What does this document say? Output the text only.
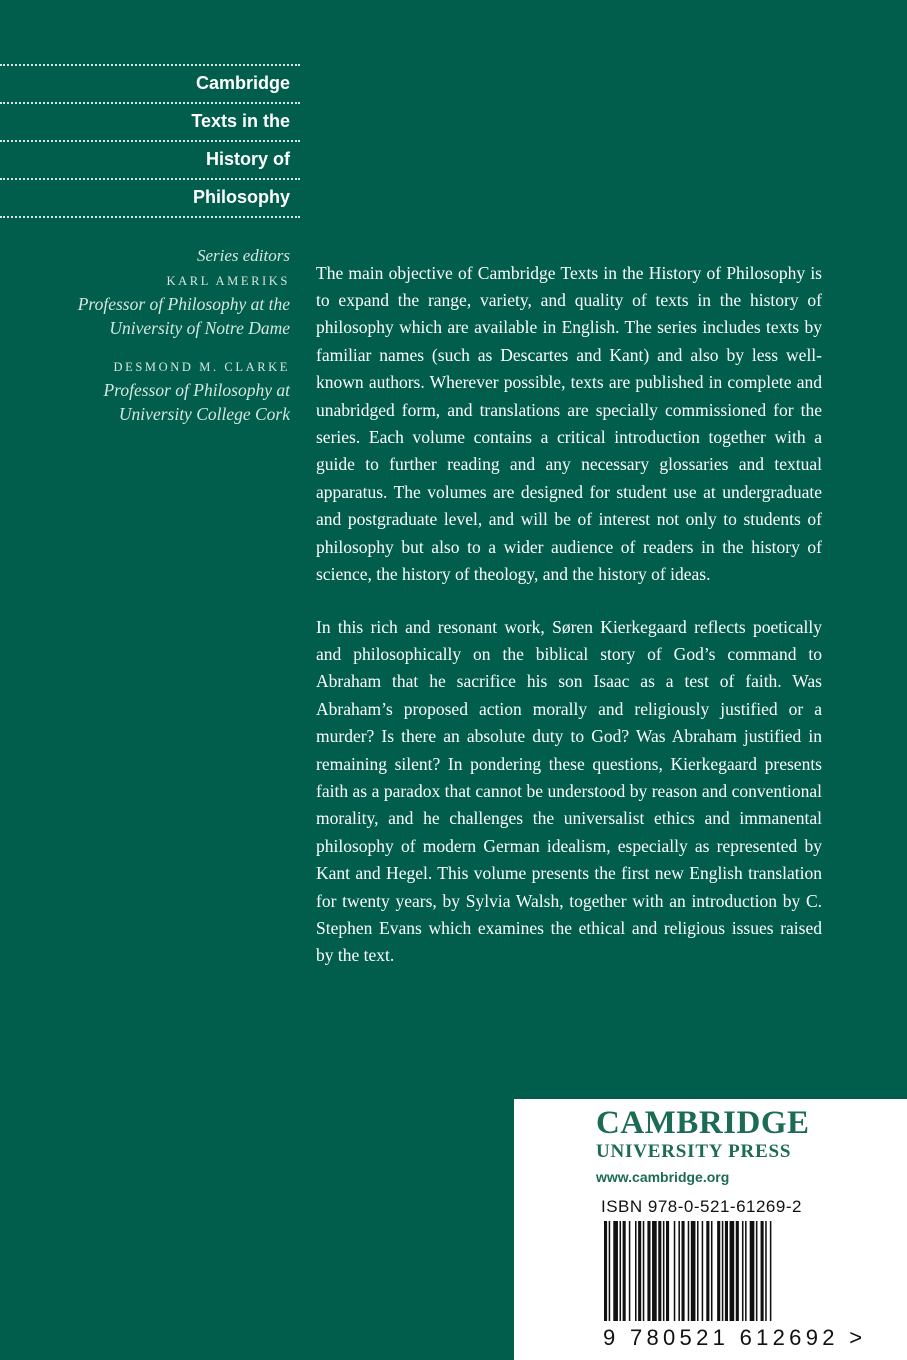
Cambridge
Texts in the
History of
Philosophy
Series editors
KARL AMERIKS
Professor of Philosophy at the
University of Notre Dame
DESMOND M. CLARKE
Professor of Philosophy at
University College Cork

The main objective of Cambridge Texts in the History of Philosophy is to expand the range, variety, and quality of texts in the history of philosophy which are available in English. The series includes texts by familiar names (such as Descartes and Kant) and also by less well-known authors. Wherever possible, texts are published in complete and unabridged form, and translations are specially commissioned for the series. Each volume contains a critical introduction together with a guide to further reading and any necessary glossaries and textual apparatus. The volumes are designed for student use at undergraduate and postgraduate level, and will be of interest not only to students of philosophy but also to a wider audience of readers in the history of science, the history of theology, and the history of ideas.

In this rich and resonant work, Søren Kierkegaard reflects poetically and philosophically on the biblical story of God’s command to Abraham that he sacrifice his son Isaac as a test of faith. Was Abraham’s proposed action morally and religiously justified or a murder? Is there an absolute duty to God? Was Abraham justified in remaining silent? In pondering these questions, Kierkegaard presents faith as a paradox that cannot be understood by reason and conventional morality, and he challenges the universalist ethics and immanental philosophy of modern German idealism, especially as represented by Kant and Hegel. This volume presents the first new English translation for twenty years, by Sylvia Walsh, together with an introduction by C. Stephen Evans which examines the ethical and religious issues raised by the text.

CAMBRIDGE
UNIVERSITY PRESS
www.cambridge.org
ISBN 978-0-521-61269-2
9 780521 612692 >
